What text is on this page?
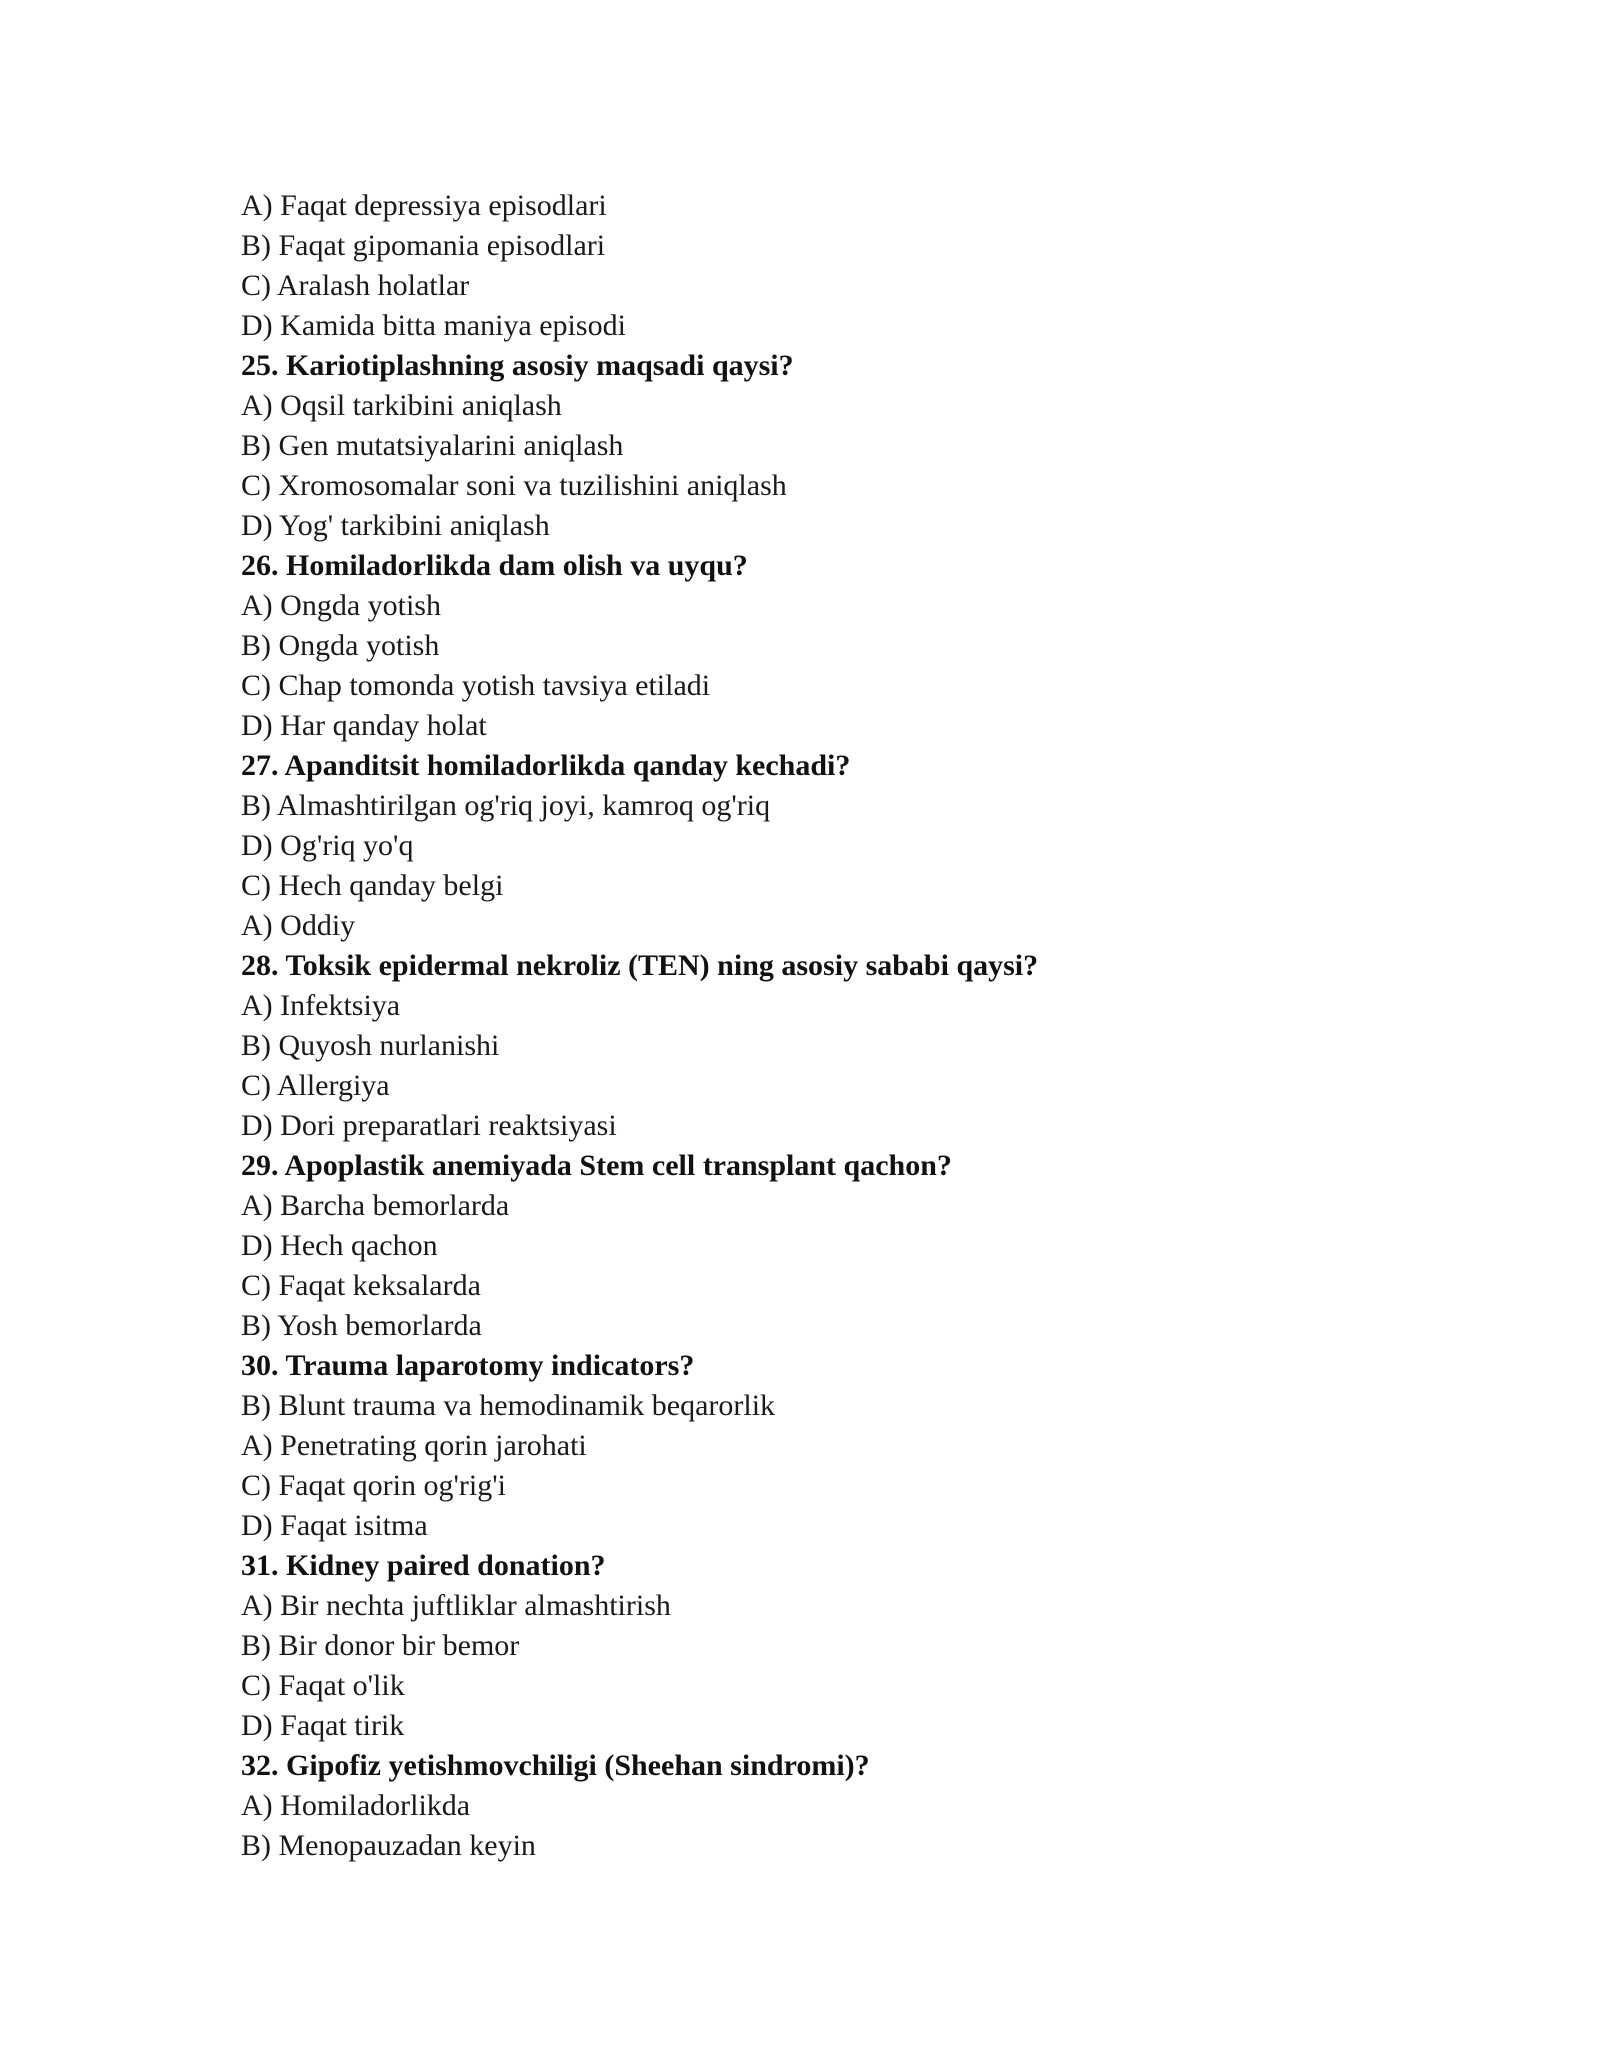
A) Faqat depressiya episodlari
B) Faqat gipomania episodlari
C) Aralash holatlar
D) Kamida bitta maniya episodi
25. Kariotiplashning asosiy maqsadi qaysi?
A) Oqsil tarkibini aniqlash
B) Gen mutatsiyalarini aniqlash
C) Xromosomalar soni va tuzilishini aniqlash
D) Yog' tarkibini aniqlash
26. Homiladorlikda dam olish va uyqu?
A) Ongda yotish
B) Ongda yotish
C) Chap tomonda yotish tavsiya etiladi
D) Har qanday holat
27. Apanditsit homiladorlikda qanday kechadi?
B) Almashtirilgan og'riq joyi, kamroq og'riq
D) Og'riq yo'q
C) Hech qanday belgi
A) Oddiy
28. Toksik epidermal nekroliz (TEN) ning asosiy sababi qaysi?
A) Infektsiya
B) Quyosh nurlanishi
C) Allergiya
D) Dori preparatlari reaktsiyasi
29. Apoplastik anemiyada Stem cell transplant qachon?
A) Barcha bemorlarda
D) Hech qachon
C) Faqat keksalarda
B) Yosh bemorlarda
30. Trauma laparotomy indicators?
B) Blunt trauma va hemodinamik beqarorlik
A) Penetrating qorin jarohati
C) Faqat qorin og'rig'i
D) Faqat isitma
31. Kidney paired donation?
A) Bir nechta juftliklar almashtirish
B) Bir donor bir bemor
C) Faqat o'lik
D) Faqat tirik
32. Gipofiz yetishmovchiligi (Sheehan sindromi)?
A) Homiladorlikda
B) Menopauzadan keyin
